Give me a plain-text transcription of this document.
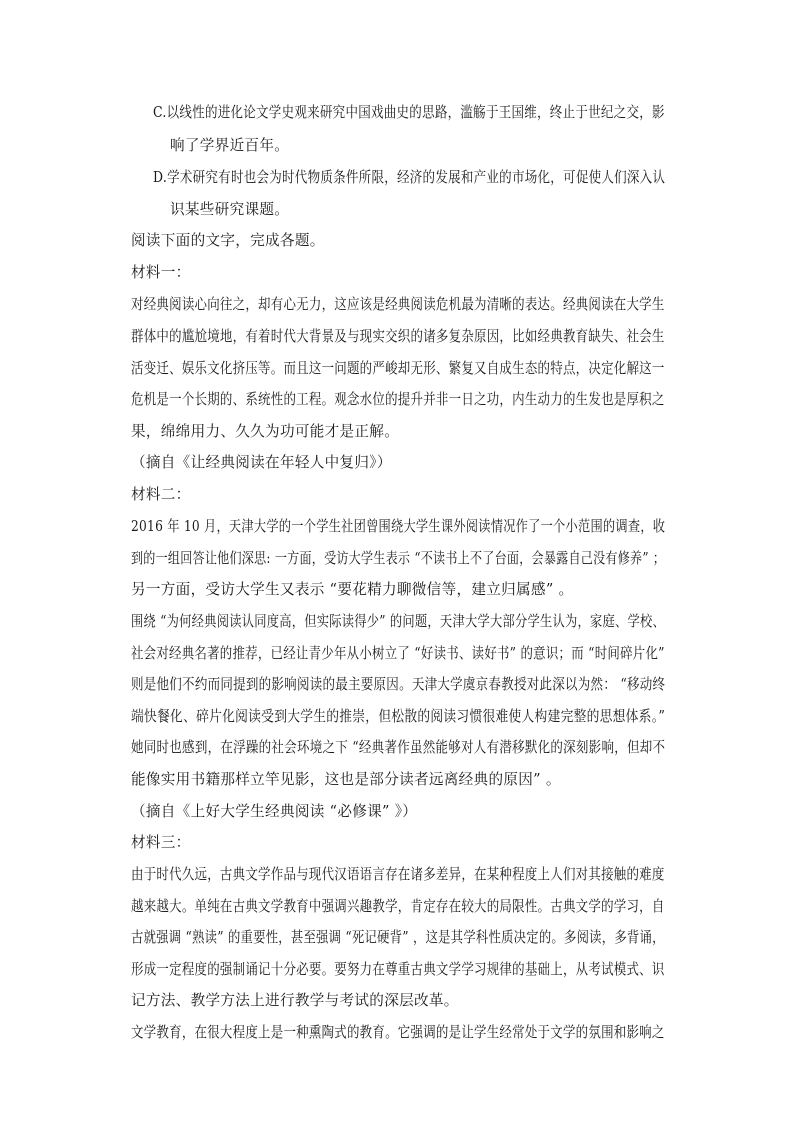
C.以线性的进化论文学史观来研究中国戏曲史的思路，滥觞于王国维，终止于世纪之交，影
响了学界近百年。
D.学术研究有时也会为时代物质条件所限，经济的发展和产业的市场化，可促使人们深入认
识某些研究课题。
阅读下面的文字，完成各题。
材料一：
对经典阅读心向往之，却有心无力，这应该是经典阅读危机最为清晰的表达。经典阅读在大学生
群体中的尴尬境地，有着时代大背景及与现实交织的诸多复杂原因，比如经典教育缺失、社会生
活变迁、娱乐文化挤压等。而且这一问题的严峻却无形、繁复又自成生态的特点，决定化解这一
危机是一个长期的、系统性的工程。观念水位的提升并非一日之功，内生动力的生发也是厚积之
果，绵绵用力、久久为功可能才是正解。
（摘自《让经典阅读在年轻人中复归》）
材料二：
2016 年 10 月，天津大学的一个学生社团曾围绕大学生课外阅读情况作了一个小范围的调查，收
到的一组回答让他们深思: 一方面，受访大学生表示 “不读书上不了台面，会暴露自己没有修养” ；
另一方面，受访大学生又表示 “要花精力聊微信等，建立归属感” 。
围绕 “为何经典阅读认同度高，但实际读得少” 的问题，天津大学大部分学生认为，家庭、学校、
社会对经典名著的推荐，已经让青少年从小树立了 “好读书、读好书” 的意识；而 “时间碎片化”
则是他们不约而同提到的影响阅读的最主要原因。天津大学虞京春教授对此深以为然： “移动终
端快餐化、碎片化阅读受到大学生的推崇，但松散的阅读习惯很难使人构建完整的思想体系。”
她同时也感到，在浮躁的社会环境之下 “经典著作虽然能够对人有潜移默化的深刻影响，但却不
能像实用书籍那样立竿见影，这也是部分读者远离经典的原因” 。
（摘自《上好大学生经典阅读 “必修课” 》）
材料三：
由于时代久远，古典文学作品与现代汉语语言存在诸多差异，在某种程度上人们对其接触的难度
越来越大。单纯在古典文学教育中强调兴趣教学，肯定存在较大的局限性。古典文学的学习，自
古就强调 “熟读” 的重要性，甚至强调 “死记硬背” ，这是其学科性质决定的。多阅读，多背诵，
形成一定程度的强制诵记十分必要。要努力在尊重古典文学学习规律的基础上，从考试模式、识
记方法、教学方法上进行教学与考试的深层改革。
文学教育，在很大程度上是一种熏陶式的教育。它强调的是让学生经常处于文学的氛围和影响之
